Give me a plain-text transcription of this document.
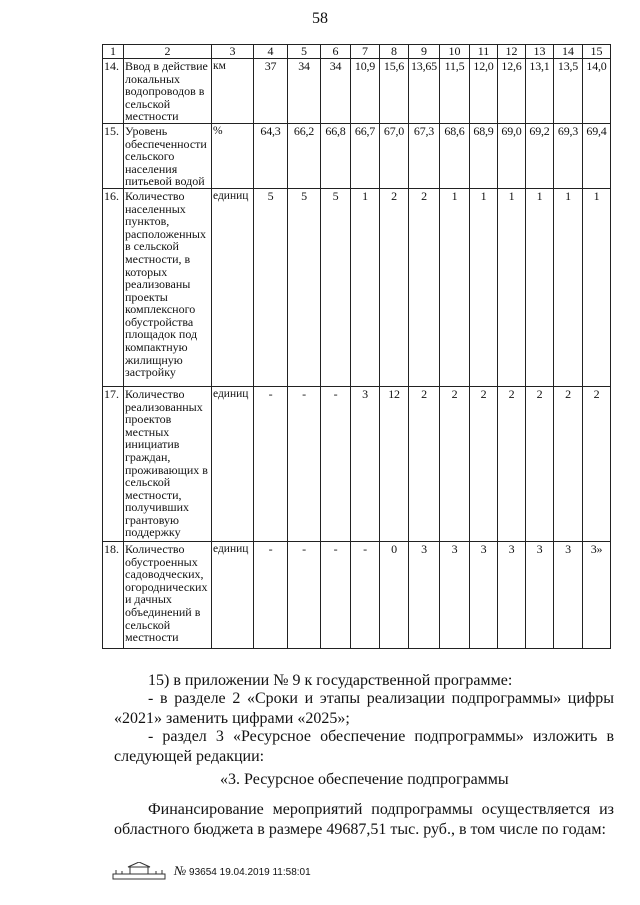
58
1	2	3	4	5	6	7	8	9	10	11	12	13	14	15
14.	Ввод в действие локальных водопроводов в сельской местности	км	37	34	34	10,9	15,6	13,65	11,5	12,0	12,6	13,1	13,5	14,0
15.	Уровень обеспеченности сельского населения питьевой водой	%	64,3	66,2	66,8	66,7	67,0	67,3	68,6	68,9	69,0	69,2	69,3	69,4
16.	Количество населенных пунктов, расположенных в сельской местности, в которых реализованы проекты комплексного обустройства площадок под компактную жилищную застройку	единиц	5	5	5	1	2	2	1	1	1	1	1	1
17.	Количество реализованных проектов местных инициатив граждан, проживающих в сельской местности, получивших грантовую поддержку	единиц	-	-	-	3	12	2	2	2	2	2	2	2
18.	Количество обустроенных садоводческих, огороднических и дачных объединений в сельской местности	единиц	-	-	-	-	0	3	3	3	3	3	3	3»
15) в приложении № 9 к государственной программе:
- в разделе 2 «Сроки и этапы реализации подпрограммы» цифры «2021» заменить цифрами «2025»;
- раздел 3 «Ресурсное обеспечение подпрограммы» изложить в следующей редакции:
«3. Ресурсное обеспечение подпрограммы
Финансирование мероприятий подпрограммы осуществляется из областного бюджета в размере 49687,51 тыс. руб., в том числе по годам:
№ 93654 19.04.2019 11:58:01
